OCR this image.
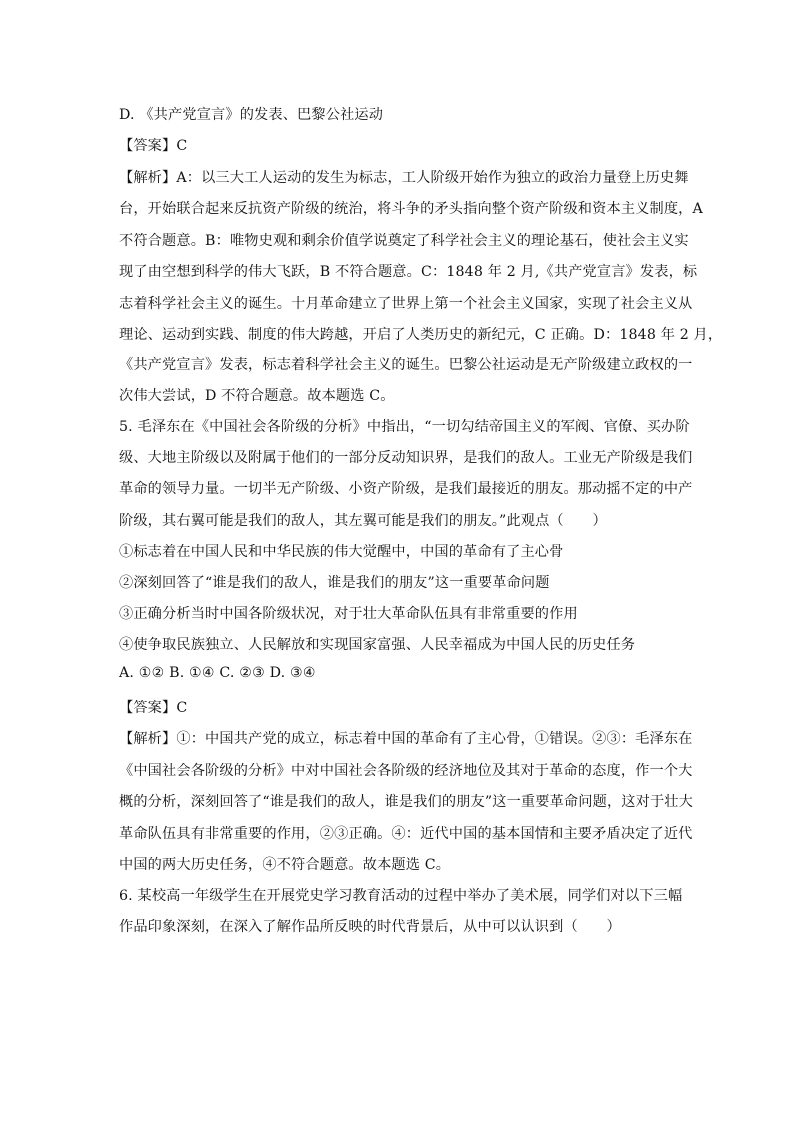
D. 《共产党宣言》的发表、巴黎公社运动
【答案】C
【解析】A：以三大工人运动的发生为标志，工人阶级开始作为独立的政治力量登上历史舞
台，开始联合起来反抗资产阶级的统治，将斗争的矛头指向整个资产阶级和资本主义制度，A
不符合题意。B：唯物史观和剩余价值学说奠定了科学社会主义的理论基石，使社会主义实
现了由空想到科学的伟大飞跃，B 不符合题意。C：1848 年 2 月,《共产党宣言》发表，标
志着科学社会主义的诞生。十月革命建立了世界上第一个社会主义国家，实现了社会主义从
理论、运动到实践、制度的伟大跨越，开启了人类历史的新纪元，C 正确。D：1848 年 2 月，
《共产党宣言》发表，标志着科学社会主义的诞生。巴黎公社运动是无产阶级建立政权的一
次伟大尝试，D 不符合题意。故本题选 C。
5. 毛泽东在《中国社会各阶级的分析》中指出，“一切勾结帝国主义的军阀、官僚、买办阶
级、大地主阶级以及附属于他们的一部分反动知识界，是我们的敌人。工业无产阶级是我们
革命的领导力量。一切半无产阶级、小资产阶级，是我们最接近的朋友。那动摇不定的中产
阶级，其右翼可能是我们的敌人，其左翼可能是我们的朋友。”此观点（　　）
①标志着在中国人民和中华民族的伟大觉醒中，中国的革命有了主心骨
②深刻回答了“谁是我们的敌人，谁是我们的朋友”这一重要革命问题
③正确分析当时中国各阶级状况，对于壮大革命队伍具有非常重要的作用
④使争取民族独立、人民解放和实现国家富强、人民幸福成为中国人民的历史任务
A. ①② B. ①④ C. ②③ D. ③④
【答案】C
【解析】①：中国共产党的成立，标志着中国的革命有了主心骨，①错误。②③：毛泽东在
《中国社会各阶级的分析》中对中国社会各阶级的经济地位及其对于革命的态度，作一个大
概的分析，深刻回答了“谁是我们的敌人，谁是我们的朋友”这一重要革命问题，这对于壮大
革命队伍具有非常重要的作用，②③正确。④：近代中国的基本国情和主要矛盾决定了近代
中国的两大历史任务，④不符合题意。故本题选 C。
6. 某校高一年级学生在开展党史学习教育活动的过程中举办了美术展，同学们对以下三幅
作品印象深刻，在深入了解作品所反映的时代背景后，从中可以认识到（　　）
